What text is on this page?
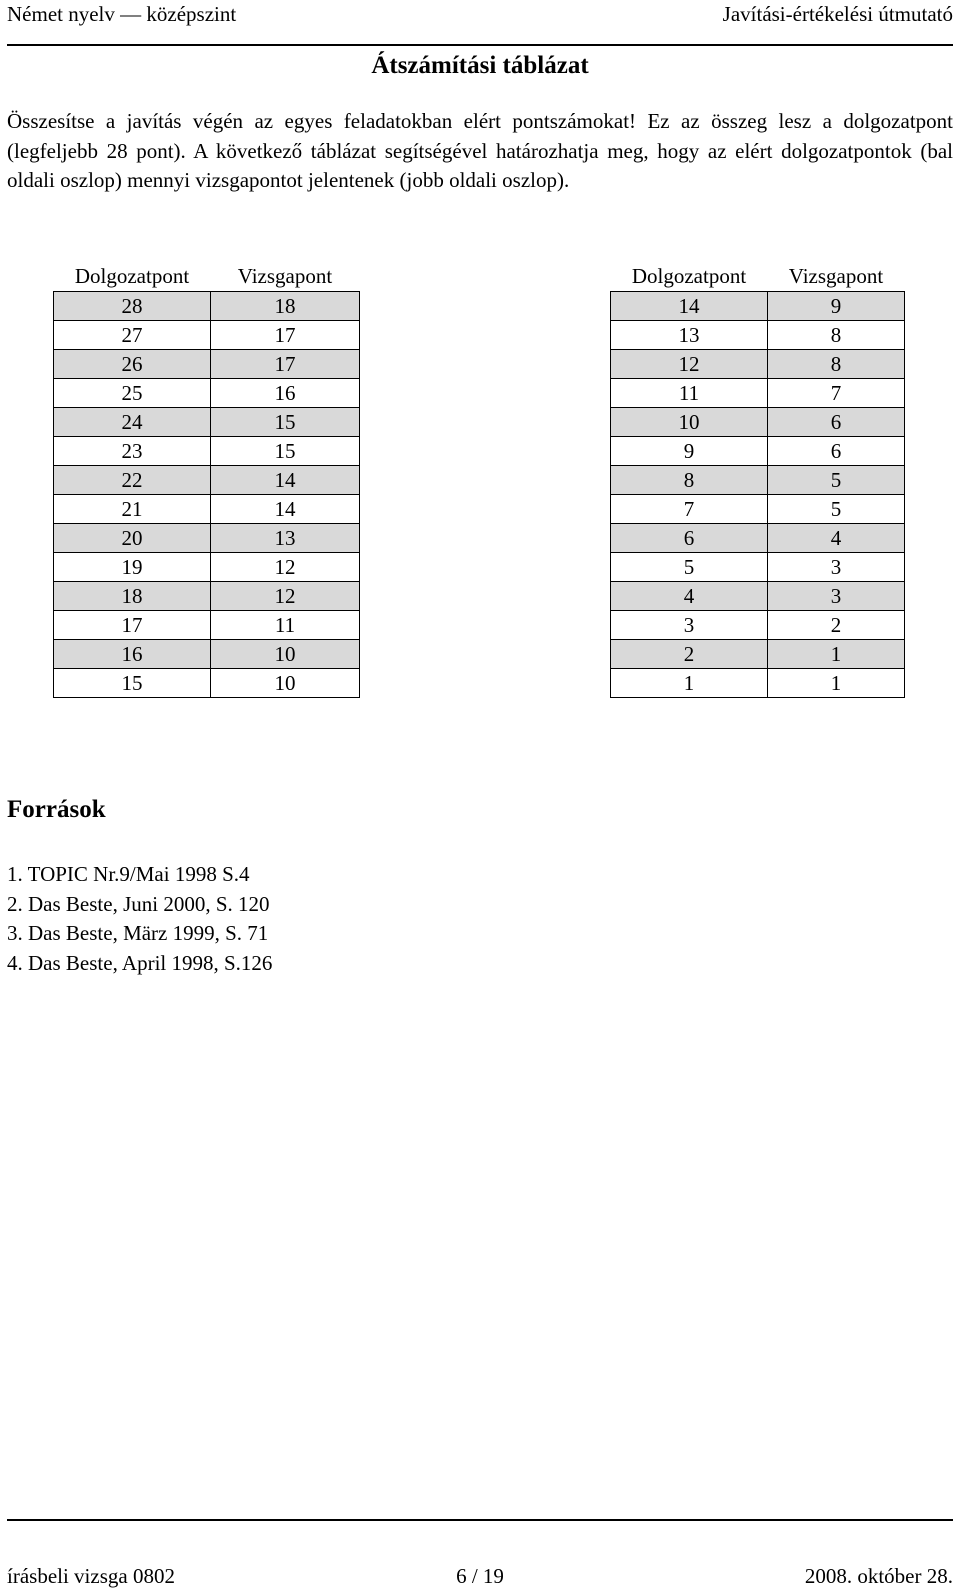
Német nyelv — középszint	Javítási-értékelési útmutató
Átszámítási táblázat

Összesítse a javítás végén az egyes feladatokban elért pontszámokat! Ez az összeg lesz a dolgozatpont (legfeljebb 28 pont). A következő táblázat segítségével határozhatja meg, hogy az elért dolgozatpontok (bal oldali oszlop) mennyi vizsgapontot jelentenek (jobb oldali oszlop).

Dolgozatpont	Vizsgapont
28	18
27	17
26	17
25	16
24	15
23	15
22	14
21	14
20	13
19	12
18	12
17	11
16	10
15	10
Dolgozatpont	Vizsgapont
14	9
13	8
12	8
11	7
10	6
9	6
8	5
7	5
6	4
5	3
4	3
3	2
2	1
1	1
Források
1. TOPIC Nr.9/Mai 1998 S.4
2. Das Beste, Juni 2000, S. 120
3. Das Beste, März 1999, S. 71
4. Das Beste, April 1998, S.126
írásbeli vizsga 0802	6 / 19	2008. október 28.
